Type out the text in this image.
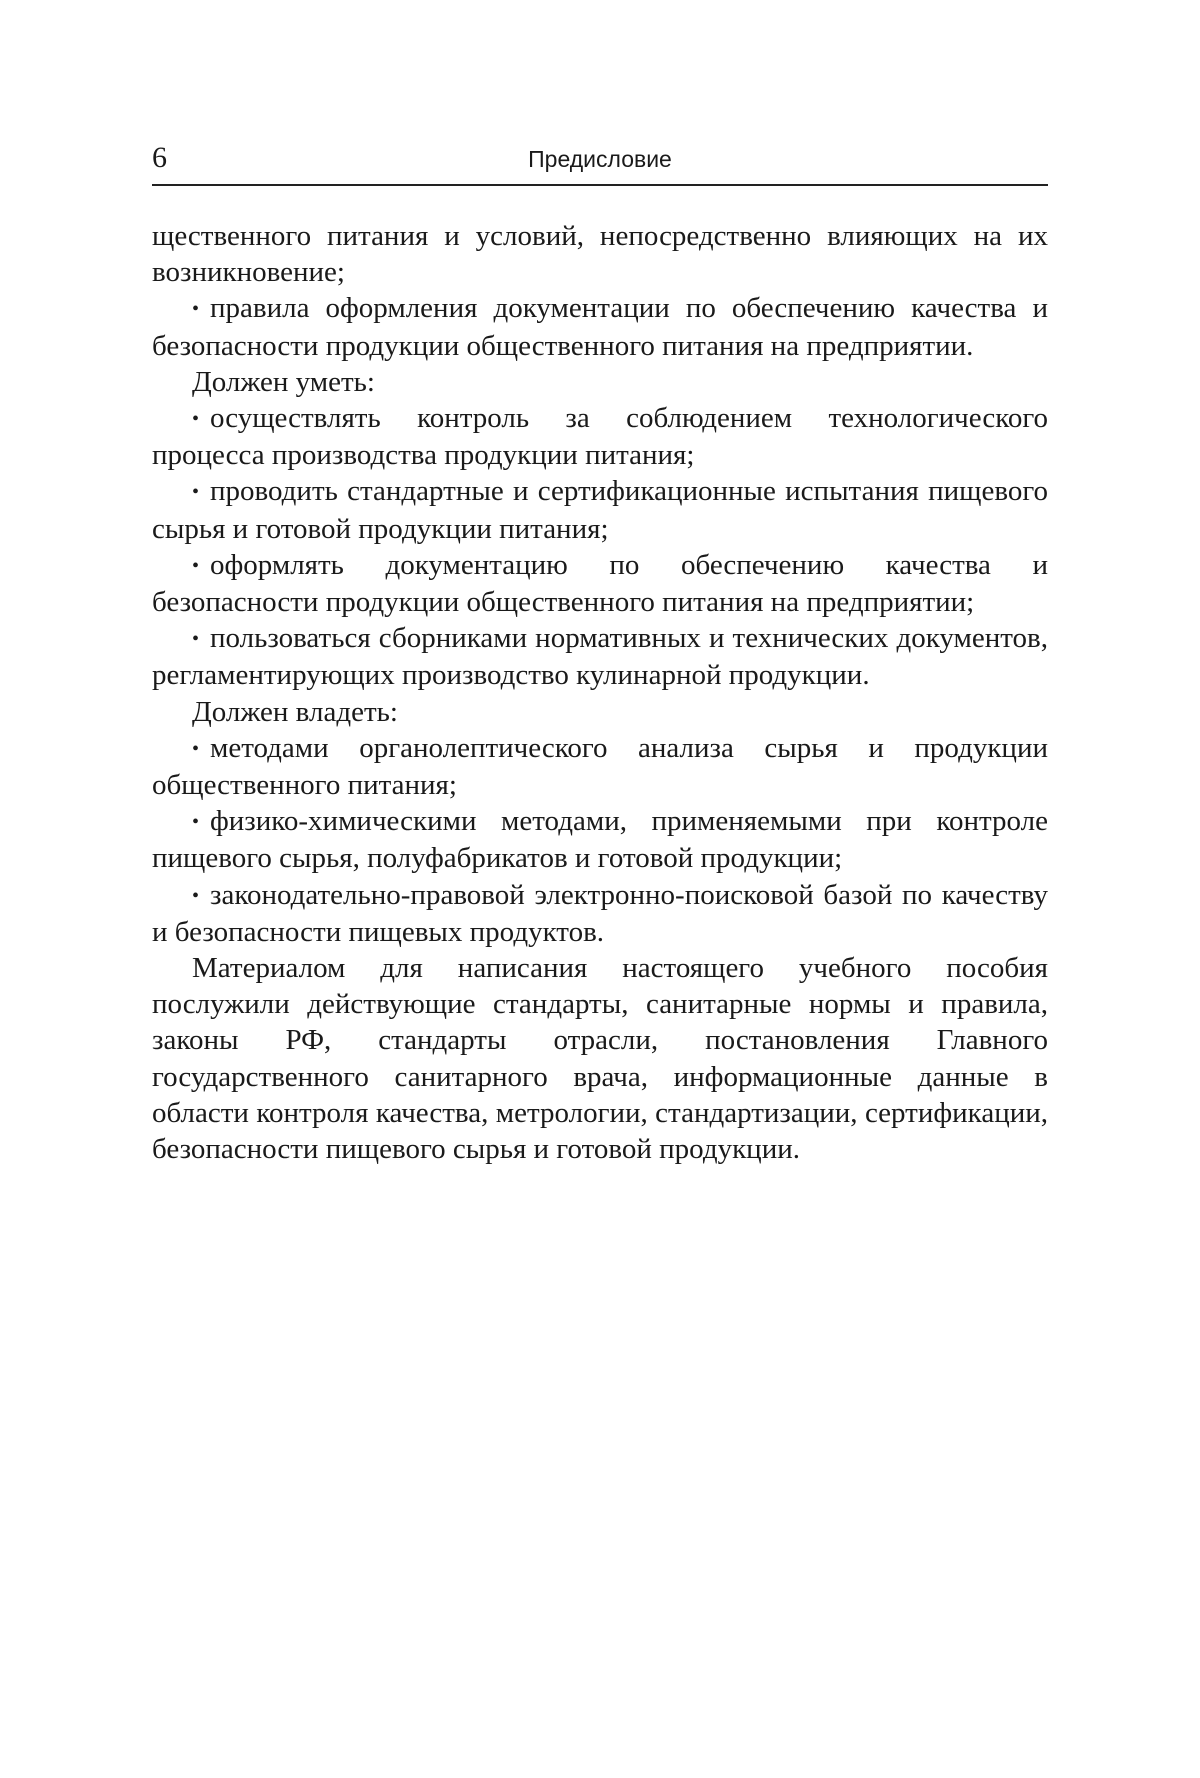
6	Предисловие

щественного питания и условий, непосредственно влияющих на их возникновение;

• правила оформления документации по обеспечению качества и безопасности продукции общественного питания на предприятии.

Должен уметь:

• осуществлять контроль за соблюдением технологического процесса производства продукции питания;

• проводить стандартные и сертификационные испытания пищевого сырья и готовой продукции питания;

• оформлять документацию по обеспечению качества и безопасности продукции общественного питания на предприятии;

• пользоваться сборниками нормативных и технических документов, регламентирующих производство кулинарной продукции.

Должен владеть:

• методами органолептического анализа сырья и продукции общественного питания;

• физико-химическими методами, применяемыми при контроле пищевого сырья, полуфабрикатов и готовой продукции;

• законодательно-правовой электронно-поисковой базой по качеству и безопасности пищевых продуктов.

Материалом для написания настоящего учебного пособия послужили действующие стандарты, санитарные нормы и правила, законы РФ, стандарты отрасли, постановления Главного государственного санитарного врача, информационные данные в области контроля качества, метрологии, стандартизации, сертификации, безопасности пищевого сырья и готовой продукции.
